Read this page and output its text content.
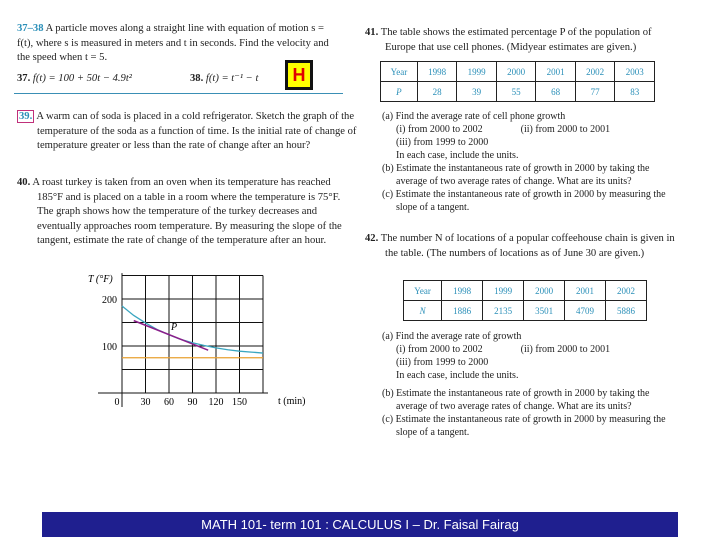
37–38 A particle moves along a straight line with equation of motion s = f(t), where s is measured in meters and t in seconds. Find the velocity and the speed when t = 5.
37. f(t) = 100 + 50t − 4.9t²	38. f(t) = t⁻¹ − t	H
39. A warm can of soda is placed in a cold refrigerator. Sketch the graph of the temperature of the soda as a function of time. Is the initial rate of change of temperature greater or less than the rate of change after an hour?
40. A roast turkey is taken from an oven when its temperature has reached 185°F and is placed on a table in a room where the temperature is 75°F. The graph shows how the temperature of the turkey decreases and eventually approaches room temperature. By measuring the slope of the tangent, estimate the rate of change of the temperature after an hour.
T (°F)
t (min)
P
0 30 60 90 120 150
200
100
41. The table shows the estimated percentage P of the population of Europe that use cell phones. (Midyear estimates are given.)
Year	1998	1999	2000	2001	2002	2003
P	28	39	55	68	77	83
(a) Find the average rate of cell phone growth
(i) from 2000 to 2002	(ii) from 2000 to 2001
(iii) from 1999 to 2000
In each case, include the units.
(b) Estimate the instantaneous rate of growth in 2000 by taking the average of two average rates of change. What are its units?
(c) Estimate the instantaneous rate of growth in 2000 by measuring the slope of a tangent.
42. The number N of locations of a popular coffeehouse chain is given in the table. (The numbers of locations as of June 30 are given.)
Year	1998	1999	2000	2001	2002
N	1886	2135	3501	4709	5886
(a) Find the average rate of growth
(i) from 2000 to 2002	(ii) from 2000 to 2001
(iii) from 1999 to 2000
In each case, include the units.
(b) Estimate the instantaneous rate of growth in 2000 by taking the average of two average rates of change. What are its units?
(c) Estimate the instantaneous rate of growth in 2000 by measuring the slope of a tangent.
MATH 101- term 101 : CALCULUS I – Dr. Faisal Fairag
